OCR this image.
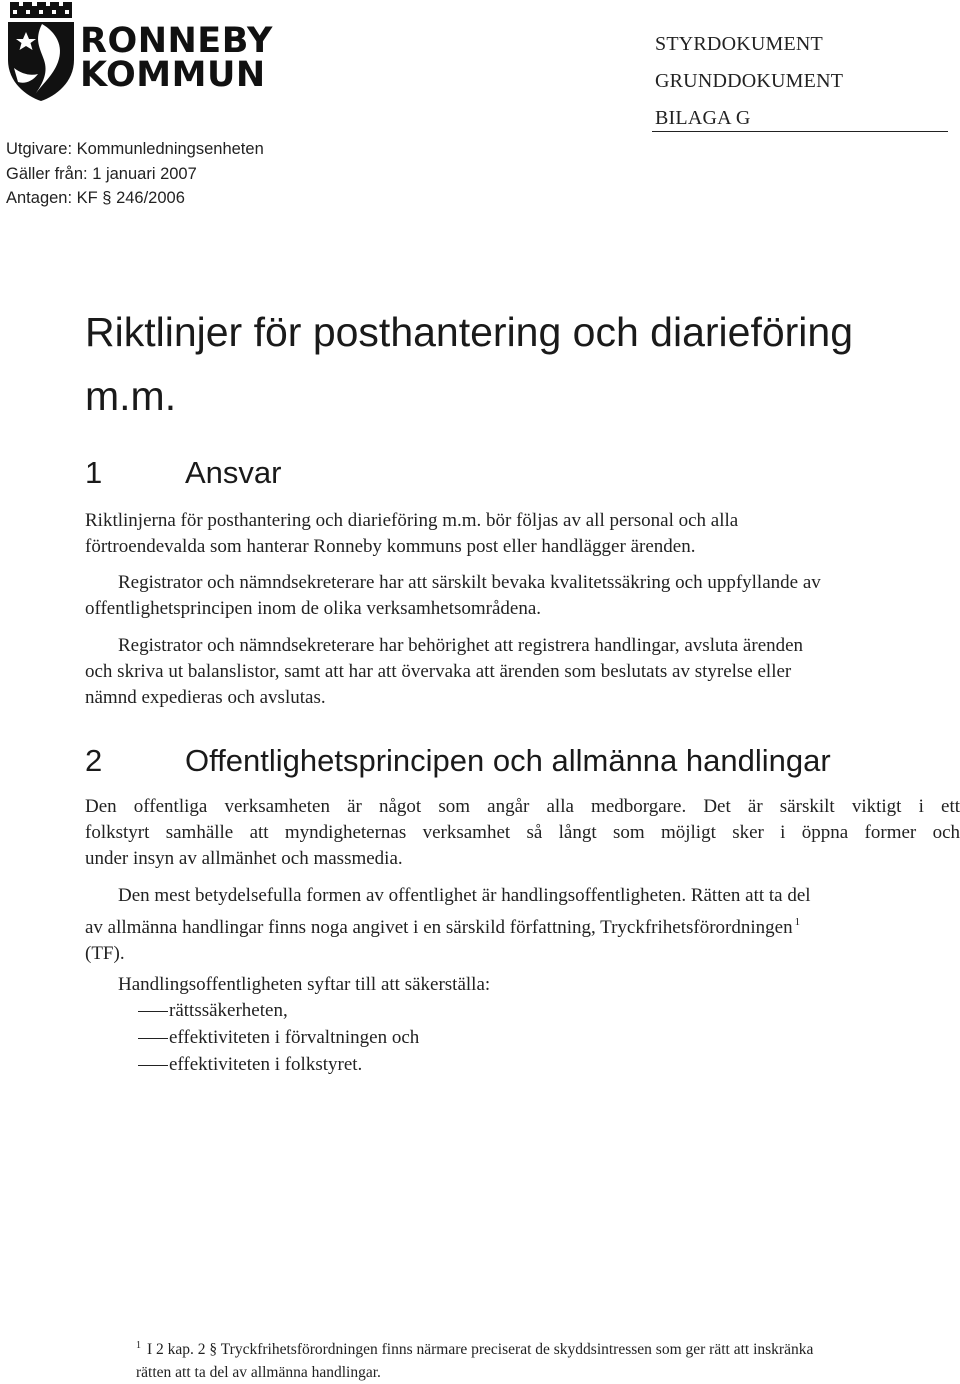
RONNEBY
KOMMUN
STYRDOKUMENT
GRUNDDOKUMENT
BILAGA G
Utgivare: Kommunledningsenheten
Gäller från: 1 januari 2007
Antagen: KF § 246/2006
Riktlinjer för posthantering och diarieföring
m.m.
1	Ansvar
Riktlinjerna för posthantering och diarieföring m.m. bör följas av all personal och alla
förtroendevalda som hanterar Ronneby kommuns post eller handlägger ärenden.
Registrator och nämndsekreterare har att särskilt bevaka kvalitetssäkring och uppfyllande av
offentlighetsprincipen inom de olika verksamhetsområdena.
Registrator och nämndsekreterare har behörighet att registrera handlingar, avsluta ärenden
och skriva ut balanslistor, samt att har att övervaka att ärenden som beslutats av styrelse eller
nämnd expedieras och avslutas.
2	Offentlighetsprincipen och allmänna handlingar
Den offentliga verksamheten är något som angår alla medborgare. Det är särskilt viktigt i ett
folkstyrt samhälle att myndigheternas verksamhet så långt som möjligt sker i öppna former och
under insyn av allmänhet och massmedia.
Den mest betydelsefulla formen av offentlighet är handlingsoffentligheten. Rätten att ta del
av allmänna handlingar finns noga angivet i en särskild författning, Tryckfrihetsförordningen $^1$
(TF).
Handlingsoffentligheten syftar till att säkerställa:
rättssäkerheten,
effektiviteten i förvaltningen och
effektiviteten i folkstyret.
$^1$ I 2 kap. 2 § Tryckfrihetsförordningen finns närmare preciserat de skyddsintressen som ger rätt att inskränka
rätten att ta del av allmänna handlingar.
